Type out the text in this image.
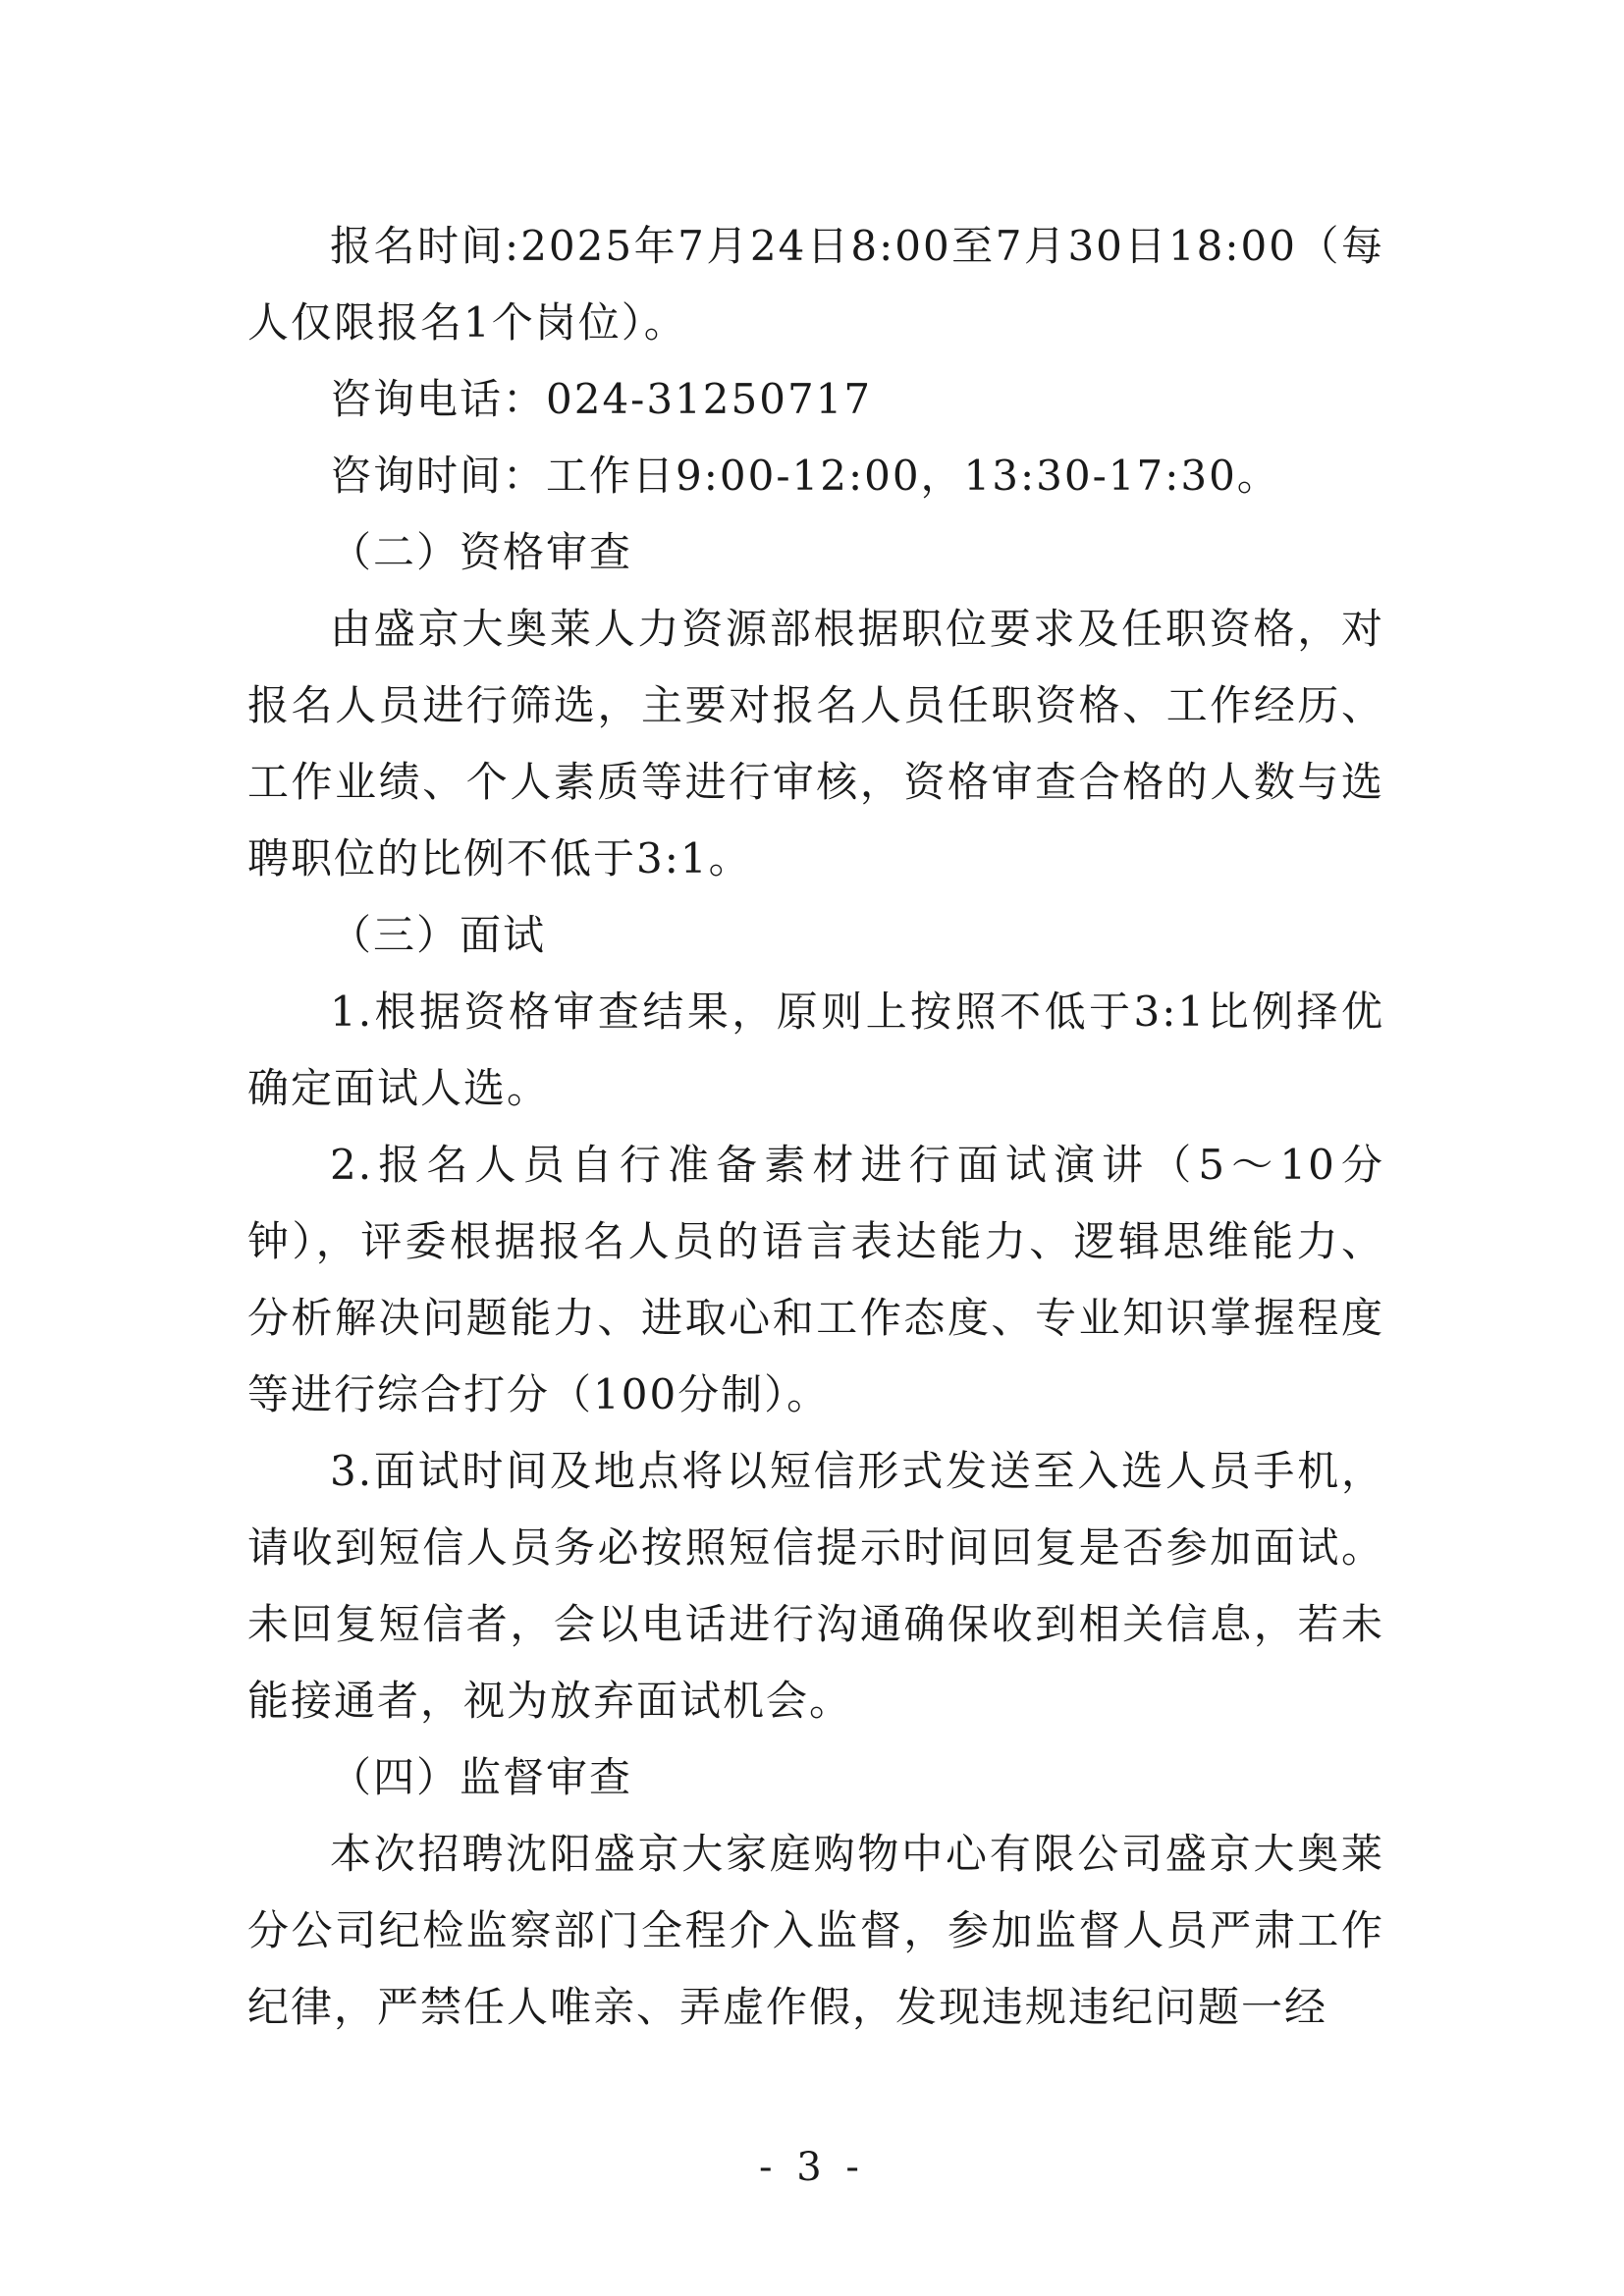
报名时间:2025年7月24日8:00至7月30日18:00（每人仅限报名1个岗位）。

咨询电话：024-31250717

咨询时间：工作日9:00-12:00，13:30-17:30。

（二）资格审查

由盛京大奥莱人力资源部根据职位要求及任职资格，对报名人员进行筛选，主要对报名人员任职资格、工作经历、工作业绩、个人素质等进行审核，资格审查合格的人数与选聘职位的比例不低于3:1。

（三）面试

1.根据资格审查结果，原则上按照不低于3:1比例择优确定面试人选。

2.报名人员自行准备素材进行面试演讲（5～10分钟），评委根据报名人员的语言表达能力、逻辑思维能力、分析解决问题能力、进取心和工作态度、专业知识掌握程度等进行综合打分（100分制）。

3.面试时间及地点将以短信形式发送至入选人员手机，请收到短信人员务必按照短信提示时间回复是否参加面试。未回复短信者，会以电话进行沟通确保收到相关信息，若未能接通者，视为放弃面试机会。

（四）监督审查

本次招聘沈阳盛京大家庭购物中心有限公司盛京大奥莱分公司纪检监察部门全程介入监督，参加监督人员严肃工作纪律，严禁任人唯亲、弄虚作假，发现违规违纪问题一经

- 3 -
